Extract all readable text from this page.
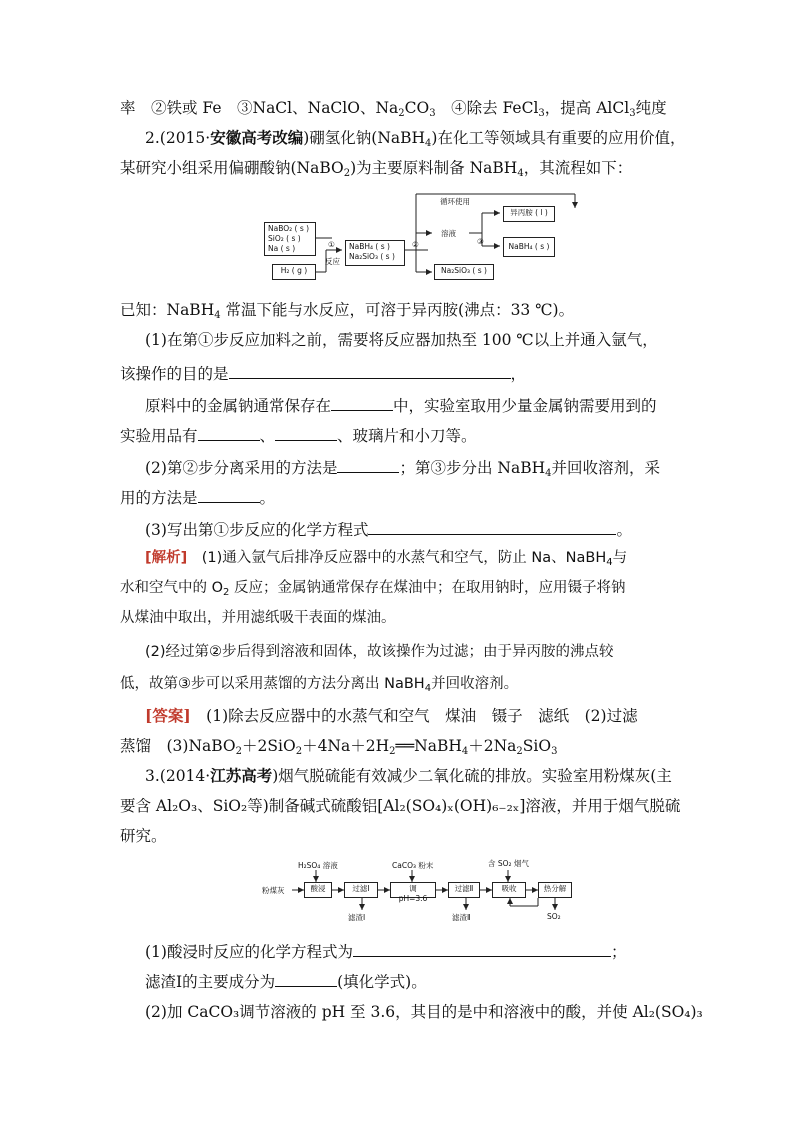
率　②铁或 Fe　③NaCl、NaClO、$Na_2CO_3$　④除去 FeCl$_3$，提高 AlCl$_3$纯度
2.(2015·安徽高考改编)硼氢化钠(NaBH$_4$)在化工等领域具有重要的应用价值，
某研究小组采用偏硼酸钠(NaBO$_2$)为主要原料制备 NaBH$_4$，其流程如下：
NaBO₂ ( s )
SiO₂ ( s )
Na ( s )
H₂ ( g )
①
反应
NaBH₄ ( s )
Na₂SiO₃ ( s )
②
循环使用
溶液
③
异丙胺 ( l )
NaBH₄ ( s )
Na₂SiO₃ ( s )
已知：NaBH$_4$ 常温下能与水反应，可溶于异丙胺(沸点：33 ℃)。
(1)在第①步反应加料之前，需要将反应器加热至 100 ℃以上并通入氩气，
该操作的目的是	，
原料中的金属钠通常保存在	中，实验室取用少量金属钠需要用到的
实验用品有	、	、玻璃片和小刀等。
(2)第②步分离采用的方法是	；第③步分出 NaBH$_4$并回收溶剂，采
用的方法是	。
(3)写出第①步反应的化学方程式	。
[解析]　(1)通入氩气后排净反应器中的水蒸气和空气，防止 Na、NaBH$_4$与
水和空气中的 $O_2$ 反应；金属钠通常保存在煤油中；在取用钠时，应用镊子将钠
从煤油中取出，并用滤纸吸干表面的煤油。
(2)经过第②步后得到溶液和固体，故该操作为过滤；由于异丙胺的沸点较
低，故第③步可以采用蒸馏的方法分离出 NaBH$_4$并回收溶剂。
[答案]　(1)除去反应器中的水蒸气和空气　煤油　镊子　滤纸　(2)过滤
蒸馏　$(3)NaBO_2+2SiO_2+4Na+2H_2══NaBH_4+2Na_2SiO_3$
3.(2014·江苏高考)烟气脱硫能有效减少二氧化硫的排放。实验室用粉煤灰(主
要含 Al₂O₃、SiO₂等)制备碱式硫酸铝[Al₂(SO₄)ₓ(OH)₆₋₂ₓ]溶液，并用于烟气脱硫
研究。
H₂SO₄ 溶液	CaCO₃ 粉末	含 SO₂ 烟气
粉煤灰	酸浸	过滤Ⅰ	调 pH=3.6
过滤Ⅱ	吸收	热分解
滤渣Ⅰ	滤渣Ⅱ	SO₂
(1)酸浸时反应的化学方程式为	；
滤渣Ⅰ的主要成分为	(填化学式)。
(2)加 CaCO₃调节溶液的 pH 至 3.6，其目的是中和溶液中的酸，并使 Al₂(SO₄)₃
